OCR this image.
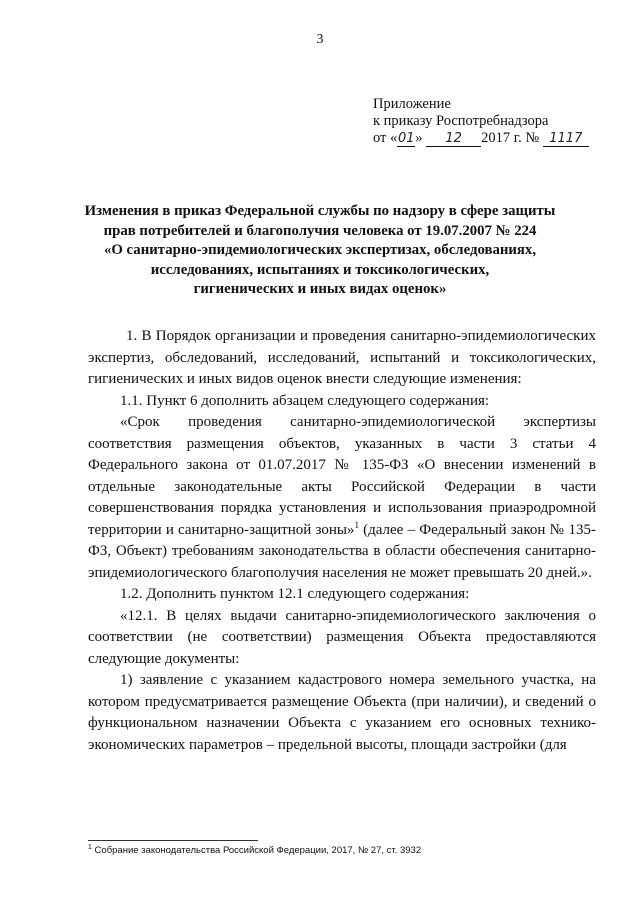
3
Приложение
к приказу Роспотребнадзора
от «01» 12 2017 г. № 1117
Изменения в приказ Федеральной службы по надзору в сфере защиты
прав потребителей и благополучия человека от 19.07.2007 № 224
«О санитарно-эпидемиологических экспертизах, обследованиях,
исследованиях, испытаниях и токсикологических,
гигиенических и иных видах оценок»

1. В Порядок организации и проведения санитарно-эпидемиологических экспертиз, обследований, исследований, испытаний и токсикологических, гигиенических и иных видов оценок внести следующие изменения:

1.1. Пункт 6 дополнить абзацем следующего содержания:

«Срок проведения санитарно-эпидемиологической экспертизы соответствия размещения объектов, указанных в части 3 статьи 4 Федерального закона от 01.07.2017 № 135-ФЗ «О внесении изменений в отдельные законодательные акты Российской Федерации в части совершенствования порядка установления и использования приаэродромной территории и санитарно-защитной зоны»$^1$ (далее – Федеральный закон № 135-ФЗ, Объект) требованиям законодательства в области обеспечения санитарно-эпидемиологического благополучия населения не может превышать 20 дней.».

1.2. Дополнить пунктом 12.1 следующего содержания:

«12.1. В целях выдачи санитарно-эпидемиологического заключения о соответствии (не соответствии) размещения Объекта предоставляются следующие документы:

1) заявление с указанием кадастрового номера земельного участка, на котором предусматривается размещение Объекта (при наличии), и сведений о функциональном назначении Объекта с указанием его основных технико-экономических параметров – предельной высоты, площади застройки (для

$^1$ Собрание законодательства Российской Федерации, 2017, № 27, ст. 3932
